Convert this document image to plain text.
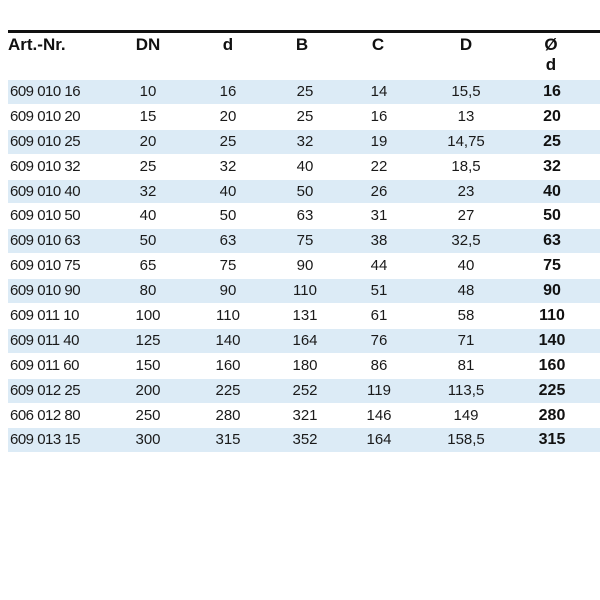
Art.-Nr.	DN	d	B	C	D	Ø
d
609 010 16	10	16	25	14	15,5	16
609 010 20	15	20	25	16	13	20
609 010 25	20	25	32	19	14,75	25
609 010 32	25	32	40	22	18,5	32
609 010 40	32	40	50	26	23	40
609 010 50	40	50	63	31	27	50
609 010 63	50	63	75	38	32,5	63
609 010 75	65	75	90	44	40	75
609 010 90	80	90	110	51	48	90
609 011 10	100	110	131	61	58	110
609 011 40	125	140	164	76	71	140
609 011 60	150	160	180	86	81	160
609 012 25	200	225	252	119	113,5	225
606 012 80	250	280	321	146	149	280
609 013 15	300	315	352	164	158,5	315
